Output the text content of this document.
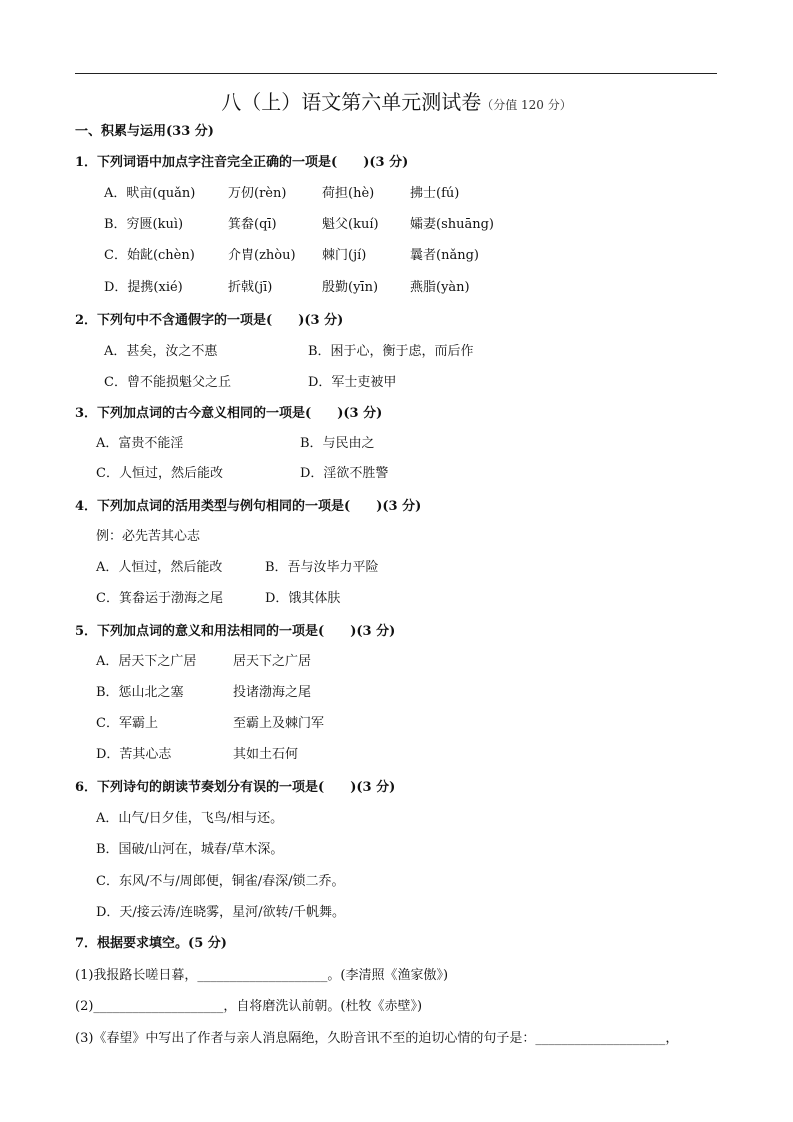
八（上）语文第六单元测试卷（分值 120 分）
一、积累与运用(33 分)
1．下列词语中加点字注音完全正确的一项是(　　)(3 分)
A．畎亩(quǎn)	万仞(rèn)	荷担(hè)	拂士(fú)
B．穷匮(kuì)	箕畚(qī)	魁父(kuí) 孀妻(shuāng)
C．始龀(chèn)	介胄(zhòu) 棘门(jí)	曩者(nǎng)
D．提携(xié)	折戟(jī)	殷勤(yīn) 燕脂(yàn)
2．下列句中不含通假字的一项是(　　)(3 分)
A．甚矣，汝之不惠	B．困于心，衡于虑，而后作
C．曾不能损魁父之丘	D．军士吏被甲
3．下列加点词的古今意义相同的一项是(　　)(3 分)
A．富贵不能淫	B．与民由之
C．人恒过，然后能改	D．淫欲不胜警
4．下列加点词的活用类型与例句相同的一项是(　　)(3 分)
例：必先苦其心志
A．人恒过，然后能改	B．吾与汝毕力平险
C．箕畚运于渤海之尾	D．饿其体肤
5．下列加点词的意义和用法相同的一项是(　　)(3 分)
A．居天下之广居	居天下之广居
B．惩山北之塞	投诸渤海之尾
C．军霸上	至霸上及棘门军
D．苦其心志	其如土石何
6．下列诗句的朗读节奏划分有误的一项是(　　)(3 分)
A．山气/日夕佳，飞鸟/相与还。
B．国破/山河在，城春/草木深。
C．东风/不与/周郎便，铜雀/春深/锁二乔。
D．天/接云涛/连晓雾，星河/欲转/千帆舞。
7．根据要求填空。(5 分)
(1)我报路长嗟日暮，____________________。(李清照《渔家傲》)
(2)____________________，自将磨洗认前朝。(杜牧《赤壁》)
(3)《春望》中写出了作者与亲人消息隔绝，久盼音讯不至的迫切心情的句子是：____________________，
